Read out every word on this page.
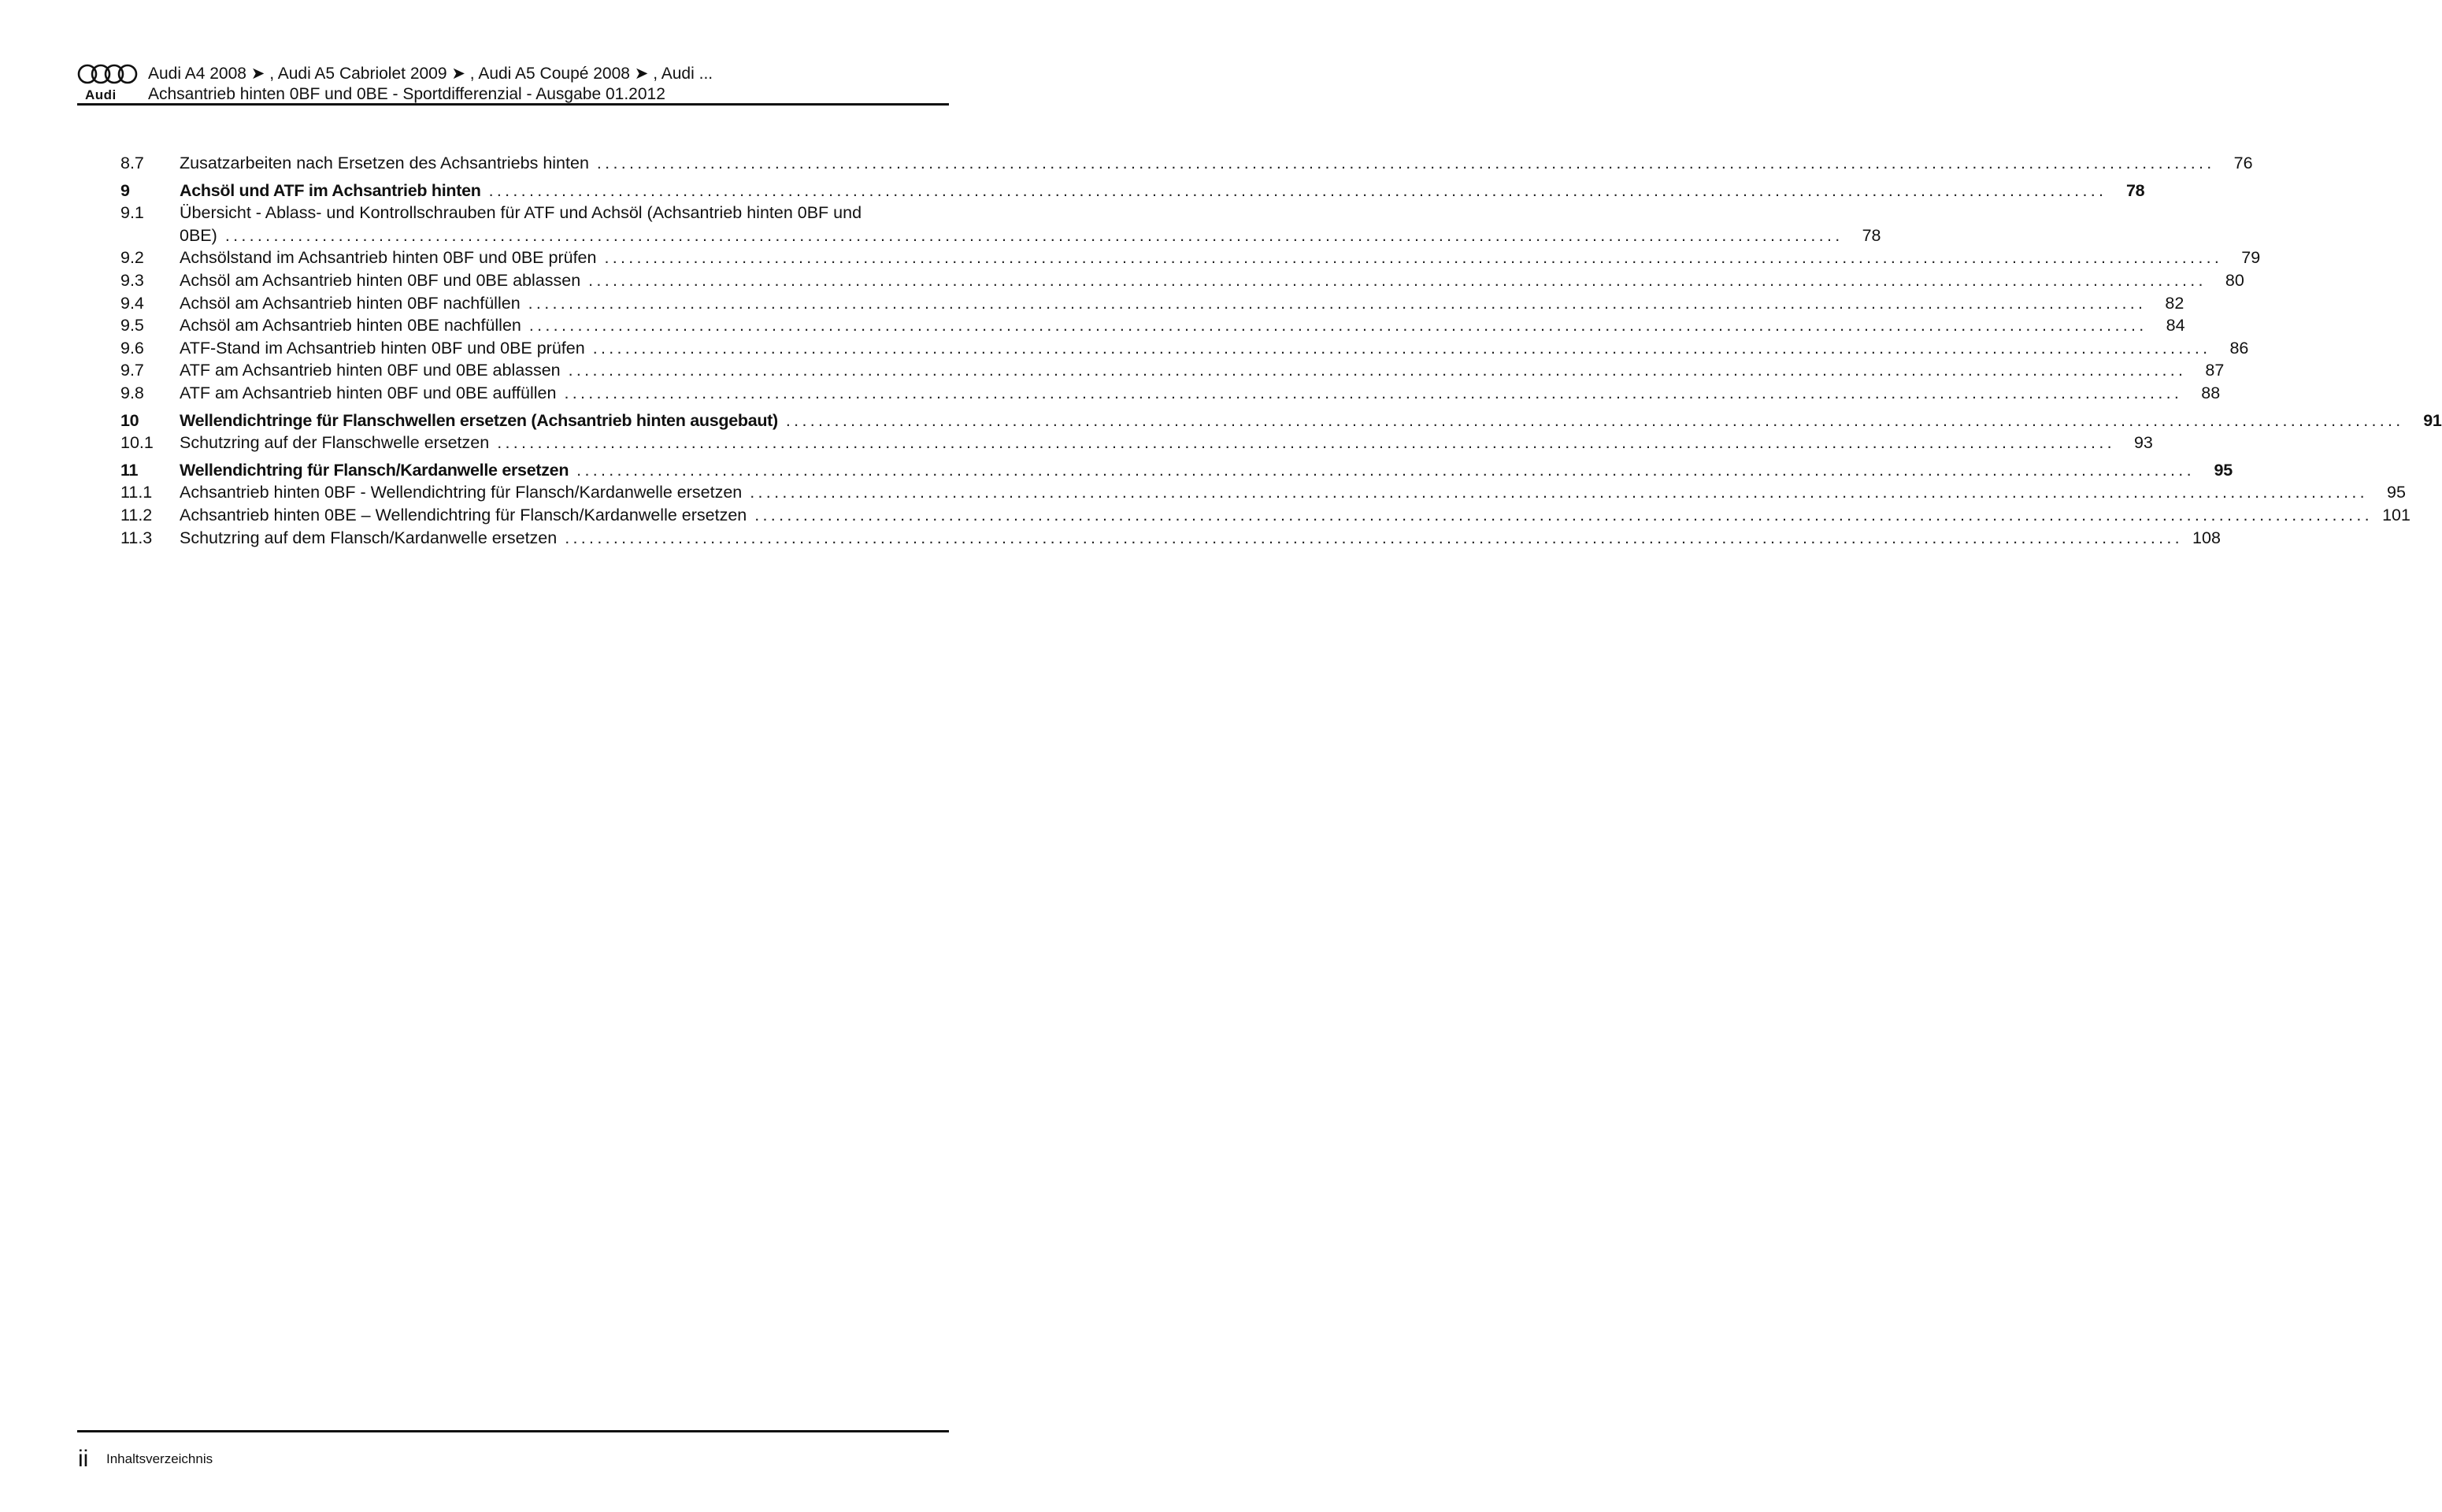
Audi
Audi A4 2008 ➤ , Audi A5 Cabriolet 2009 ➤ , Audi A5 Coupé 2008 ➤ , Audi ...
Achsantrieb hinten 0BF und 0BE - Sportdifferenzial - Ausgabe 01.2012
8.7	Zusatzarbeiten nach Ersetzen des Achsantriebs hinten ........................................................................................................................................................................................................	76
9	Achsöl und ATF im Achsantrieb hinten ........................................................................................................................................................................................................	78
9.1	Übersicht - Ablass- und Kontrollschrauben für ATF und Achsöl (Achsantrieb hinten 0BF und
0BE) ........................................................................................................................................................................................................	78
9.2	Achsölstand im Achsantrieb hinten 0BF und 0BE prüfen ........................................................................................................................................................................................................	79
9.3	Achsöl am Achsantrieb hinten 0BF und 0BE ablassen ........................................................................................................................................................................................................	80
9.4	Achsöl am Achsantrieb hinten 0BF nachfüllen ........................................................................................................................................................................................................	82
9.5	Achsöl am Achsantrieb hinten 0BE nachfüllen ........................................................................................................................................................................................................	84
9.6	ATF-Stand im Achsantrieb hinten 0BF und 0BE prüfen ........................................................................................................................................................................................................	86
9.7	ATF am Achsantrieb hinten 0BF und 0BE ablassen ........................................................................................................................................................................................................	87
9.8	ATF am Achsantrieb hinten 0BF und 0BE auffüllen ........................................................................................................................................................................................................	88
10	Wellendichtringe für Flanschwellen ersetzen (Achsantrieb hinten ausgebaut) ........................................................................................................................................................................................................	91
10.1	Schutzring auf der Flanschwelle ersetzen ........................................................................................................................................................................................................	93
11	Wellendichtring für Flansch/Kardanwelle ersetzen ........................................................................................................................................................................................................	95
11.1	Achsantrieb hinten 0BF - Wellendichtring für Flansch/Kardanwelle ersetzen ........................................................................................................................................................................................................	95
11.2	Achsantrieb hinten 0BE – Wellendichtring für Flansch/Kardanwelle ersetzen ........................................................................................................................................................................................................ 101
11.3	Schutzring auf dem Flansch/Kardanwelle ersetzen ........................................................................................................................................................................................................ 108
ii Inhaltsverzeichnis
